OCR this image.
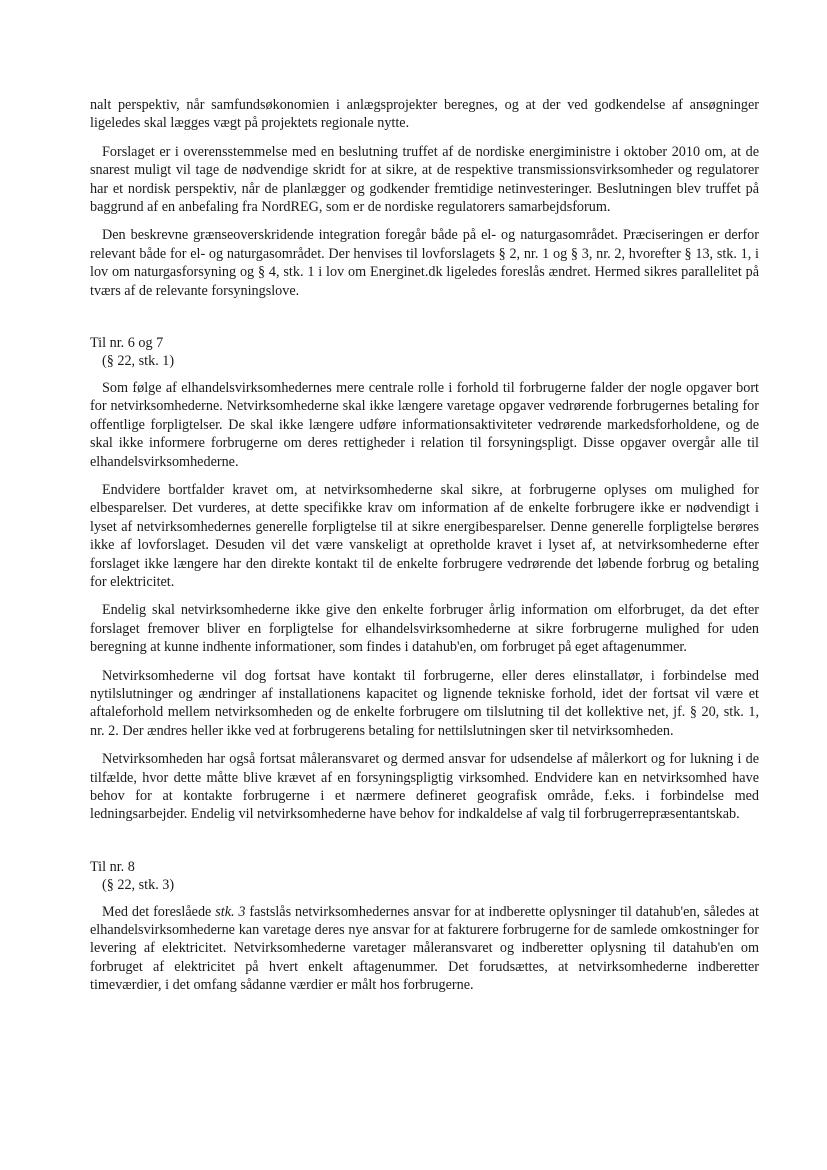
nalt perspektiv, når samfundsøkonomien i anlægsprojekter beregnes, og at der ved godkendelse af ansøgninger ligeledes skal lægges vægt på projektets regionale nytte.

Forslaget er i overensstemmelse med en beslutning truffet af de nordiske energiministre i oktober 2010 om, at de snarest muligt vil tage de nødvendige skridt for at sikre, at de respektive transmissionsvirksomheder og regulatorer har et nordisk perspektiv, når de planlægger og godkender fremtidige netinvesteringer. Beslutningen blev truffet på baggrund af en anbefaling fra NordREG, som er de nordiske regulatorers samarbejdsforum.

Den beskrevne grænseoverskridende integration foregår både på el- og naturgasområdet. Præciseringen er derfor relevant både for el- og naturgasområdet. Der henvises til lovforslagets § 2, nr. 1 og § 3, nr. 2, hvorefter § 13, stk. 1, i lov om naturgasforsyning og § 4, stk. 1 i lov om Energinet.dk ligeledes foreslås ændret. Hermed sikres parallelitet på tværs af de relevante forsyningslove.

Til nr. 6 og 7

(§ 22, stk. 1)

Som følge af elhandelsvirksomhedernes mere centrale rolle i forhold til forbrugerne falder der nogle opgaver bort for netvirksomhederne. Netvirksomhederne skal ikke længere varetage opgaver vedrørende forbrugernes betaling for offentlige forpligtelser. De skal ikke længere udføre informationsaktiviteter vedrørende markedsforholdene, og de skal ikke informere forbrugerne om deres rettigheder i relation til forsyningspligt. Disse opgaver overgår alle til elhandelsvirksomhederne.

Endvidere bortfalder kravet om, at netvirksomhederne skal sikre, at forbrugerne oplyses om mulighed for elbesparelser. Det vurderes, at dette specifikke krav om information af de enkelte forbrugere ikke er nødvendigt i lyset af netvirksomhedernes generelle forpligtelse til at sikre energibesparelser. Denne generelle forpligtelse berøres ikke af lovforslaget. Desuden vil det være vanskeligt at opretholde kravet i lyset af, at netvirksomhederne efter forslaget ikke længere har den direkte kontakt til de enkelte forbrugere vedrørende det løbende forbrug og betaling for elektricitet.

Endelig skal netvirksomhederne ikke give den enkelte forbruger årlig information om elforbruget, da det efter forslaget fremover bliver en forpligtelse for elhandelsvirksomhederne at sikre forbrugerne mulighed for uden beregning at kunne indhente informationer, som findes i datahub'en, om forbruget på eget aftagenummer.

Netvirksomhederne vil dog fortsat have kontakt til forbrugerne, eller deres elinstallatør, i forbindelse med nytilslutninger og ændringer af installationens kapacitet og lignende tekniske forhold, idet der fortsat vil være et aftaleforhold mellem netvirksomheden og de enkelte forbrugere om tilslutning til det kollektive net, jf. § 20, stk. 1, nr. 2. Der ændres heller ikke ved at forbrugerens betaling for nettilslutningen sker til netvirksomheden.

Netvirksomheden har også fortsat måleransvaret og dermed ansvar for udsendelse af målerkort og for lukning i de tilfælde, hvor dette måtte blive krævet af en forsyningspligtig virksomhed. Endvidere kan en netvirksomhed have behov for at kontakte forbrugerne i et nærmere defineret geografisk område, f.eks. i forbindelse med ledningsarbejder. Endelig vil netvirksomhederne have behov for indkaldelse af valg til forbrugerrepræsentantskab.

Til nr. 8

(§ 22, stk. 3)

Med det foreslåede stk. 3 fastslås netvirksomhedernes ansvar for at indberette oplysninger til datahub'en, således at elhandelsvirksomhederne kan varetage deres nye ansvar for at fakturere forbrugerne for de samlede omkostninger for levering af elektricitet. Netvirksomhederne varetager måleransvaret og indberetter oplysning til datahub'en om forbruget af elektricitet på hvert enkelt aftagenummer. Det forudsættes, at netvirksomhederne indberetter timeværdier, i det omfang sådanne værdier er målt hos forbrugerne.
